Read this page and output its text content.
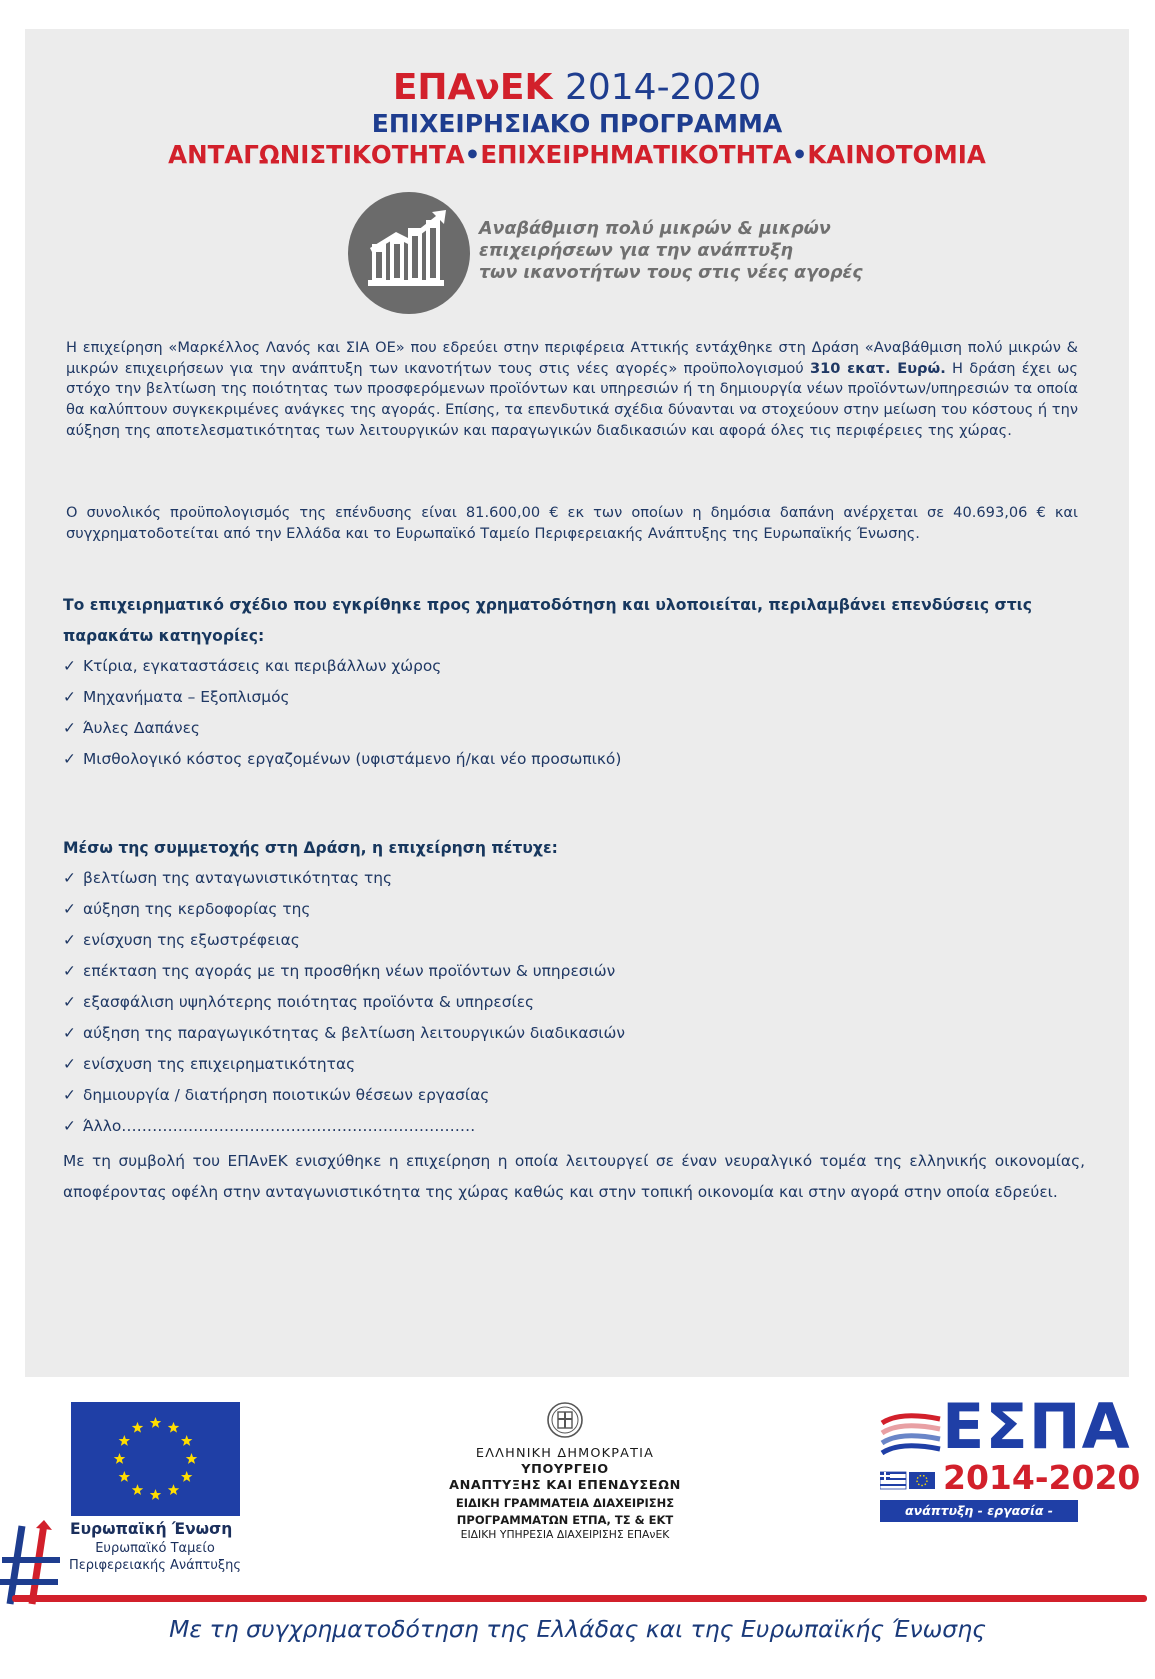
ΕΠΑνΕΚ 2014-2020
ΕΠΙΧΕΙΡΗΣΙΑΚΟ ΠΡΟΓΡΑΜΜΑ
ΑΝΤΑΓΩΝΙΣΤΙΚΟΤΗΤΑ•ΕΠΙΧΕΙΡΗΜΑΤΙΚΟΤΗΤΑ•ΚΑΙΝΟΤΟΜΙΑ
Αναβάθμιση πολύ μικρών & μικρών
επιχειρήσεων για την ανάπτυξη
των ικανοτήτων τους στις νέες αγορές
Η επιχείρηση «Μαρκέλλος Λανός και ΣΙΑ ΟΕ» που εδρεύει στην περιφέρεια Αττικής εντάχθηκε στη Δράση «Αναβάθμιση πολύ μικρών & μικρών επιχειρήσεων για την ανάπτυξη των ικανοτήτων τους στις νέες αγορές» προϋπολογισμού 310 εκατ. Ευρώ. Η δράση έχει ως στόχο την βελτίωση της ποιότητας των προσφερόμενων προϊόντων και υπηρεσιών ή τη δημιουργία νέων προϊόντων/υπηρεσιών τα οποία θα καλύπτουν συγκεκριμένες ανάγκες της αγοράς. Επίσης, τα επενδυτικά σχέδια δύνανται να στοχεύουν στην μείωση του κόστους ή την αύξηση της αποτελεσματικότητας των λειτουργικών και παραγωγικών διαδικασιών και αφορά όλες τις περιφέρειες της χώρας.
Ο συνολικός προϋπολογισμός της επένδυσης είναι 81.600,00 € εκ των οποίων η δημόσια δαπάνη ανέρχεται σε 40.693,06 € και συγχρηματοδοτείται από την Ελλάδα και το Ευρωπαϊκό Ταμείο Περιφερειακής Ανάπτυξης της Ευρωπαϊκής Ένωσης.
Το επιχειρηματικό σχέδιο που εγκρίθηκε προς χρηματοδότηση και υλοποιείται, περιλαμβάνει επενδύσεις στις παρακάτω κατηγορίες:
✓ Κτίρια, εγκαταστάσεις και περιβάλλων χώρος
✓ Μηχανήματα – Εξοπλισμός
✓ Άυλες Δαπάνες
✓ Μισθολογικό κόστος εργαζομένων (υφιστάμενο ή/και νέο προσωπικό)
Μέσω της συμμετοχής στη Δράση, η επιχείρηση πέτυχε:
✓ βελτίωση της ανταγωνιστικότητας της
✓ αύξηση της κερδοφορίας της
✓ ενίσχυση της εξωστρέφειας
✓ επέκταση της αγοράς με τη προσθήκη νέων προϊόντων & υπηρεσιών
✓ εξασφάλιση υψηλότερης ποιότητας προϊόντα & υπηρεσίες
✓ αύξηση της παραγωγικότητας & βελτίωση λειτουργικών διαδικασιών
✓ ενίσχυση της επιχειρηματικότητας
✓ δημιουργία / διατήρηση ποιοτικών θέσεων εργασίας
✓ Άλλο……………………………………………………………
Με τη συμβολή του ΕΠΑνΕΚ ενισχύθηκε η επιχείρηση η οποία λειτουργεί σε έναν νευραλγικό τομέα της ελληνικής οικονομίας, αποφέροντας οφέλη στην ανταγωνιστικότητα της χώρας καθώς και στην τοπική οικονομία και στην αγορά στην οποία εδρεύει.
Ευρωπαϊκή Ένωση
Ευρωπαϊκό Ταμείο
Περιφερειακής Ανάπτυξης
ΕΛΛΗΝΙΚΗ ΔΗΜΟΚΡΑΤΙΑ
ΥΠΟΥΡΓΕΙΟ
ΑΝΑΠΤΥΞΗΣ ΚΑΙ ΕΠΕΝΔΥΣΕΩΝ
ΕΙΔΙΚΗ ΓΡΑΜΜΑΤΕΙΑ ΔΙΑΧΕΙΡΙΣΗΣ
ΠΡΟΓΡΑΜΜΑΤΩΝ ΕΤΠΑ, ΤΣ & ΕΚΤ
ΕΙΔΙΚΗ ΥΠΗΡΕΣΙΑ ΔΙΑΧΕΙΡΙΣΗΣ ΕΠΑνΕΚ
ΕΣΠΑ
2014-2020
ανάπτυξη - εργασία - αλληλεγγύη
Με τη συγχρηματοδότηση της Ελλάδας και της Ευρωπαϊκής Ένωσης
